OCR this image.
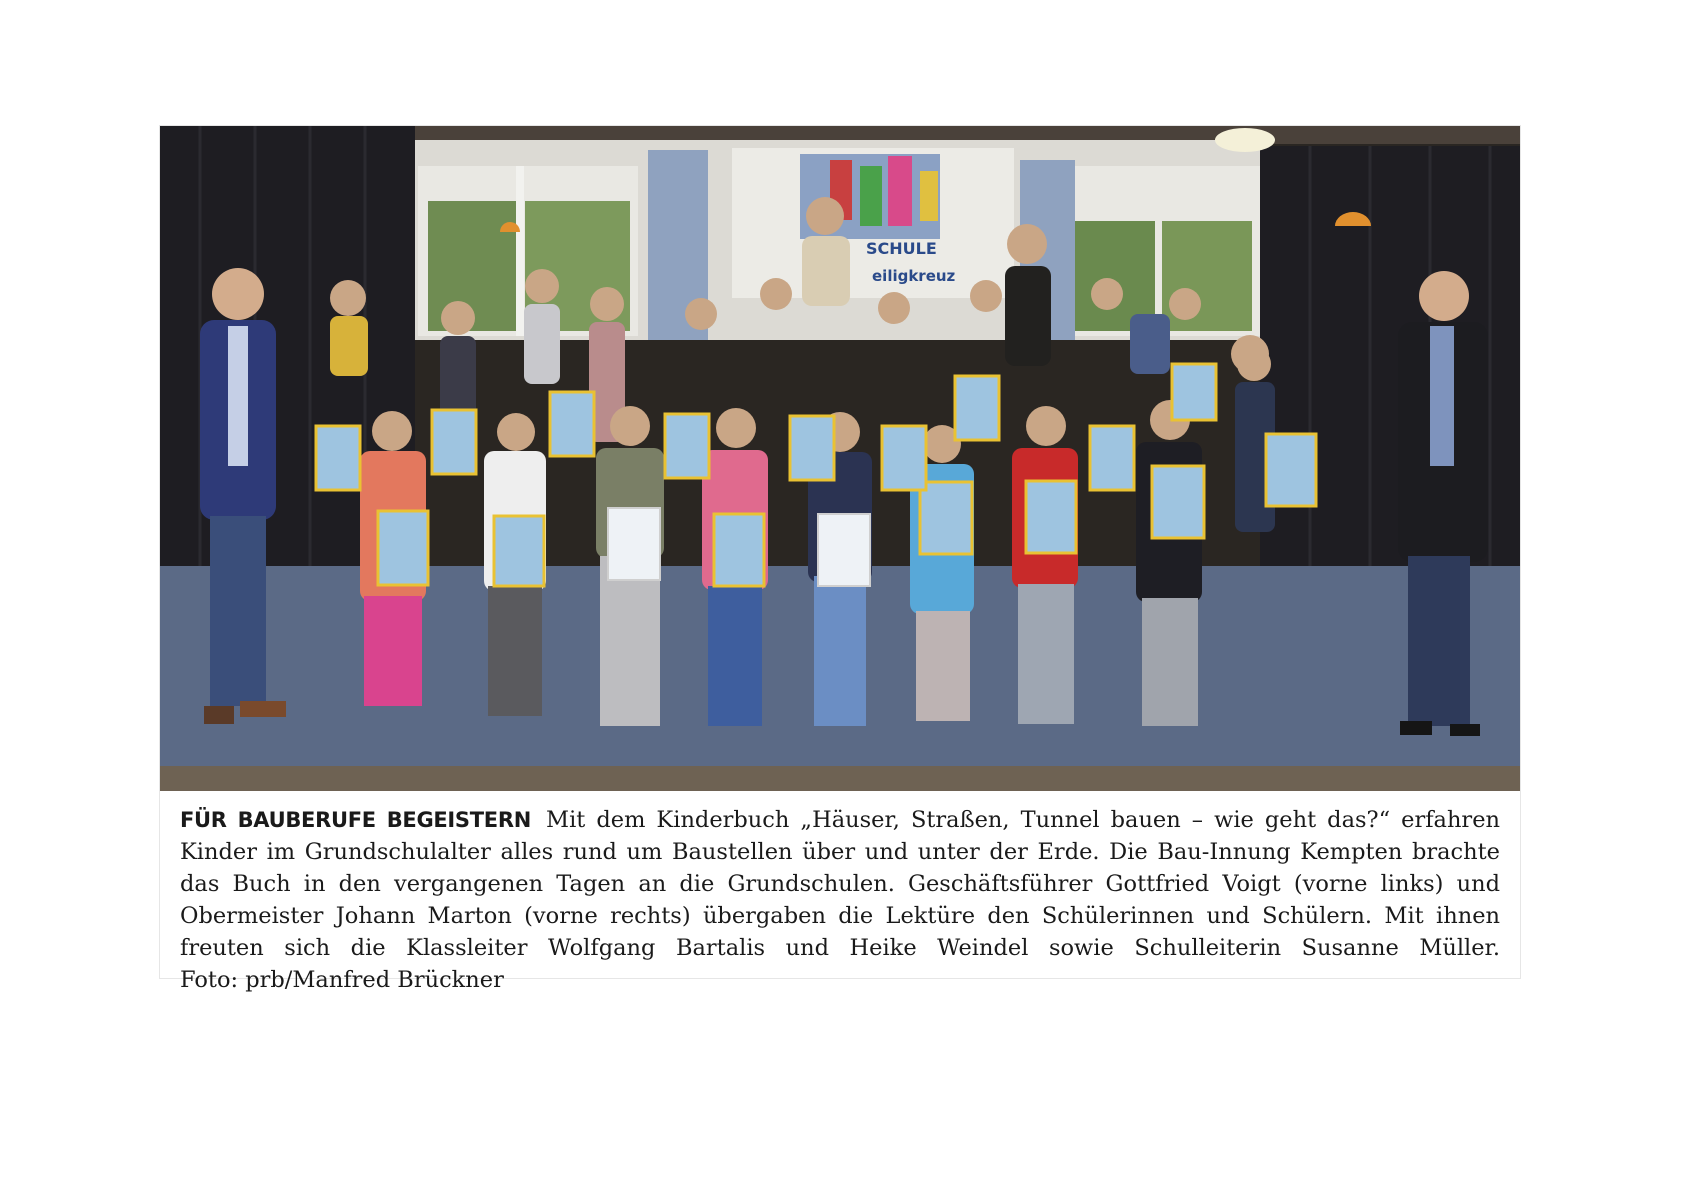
SCHULE
eiligkreuz
FÜR BAUBERUFE BEGEISTERN Mit dem Kinderbuch „Häuser, Straßen, Tunnel bauen – wie geht das?“ erfahren Kinder im Grundschulalter alles rund um Baustellen über und unter der Erde. Die Bau-Innung Kempten brachte das Buch in den vergangenen Tagen an die Grundschulen. Geschäftsführer Gottfried Voigt (vorne links) und Obermeister Johann Marton (vorne rechts) übergaben die Lektüre den Schülerinnen und Schülern. Mit ihnen freuten sich die Klassleiter Wolfgang Bartalis und Heike Weindel sowie Schulleiterin Susanne Müller. Foto: prb/Manfred Brückner
